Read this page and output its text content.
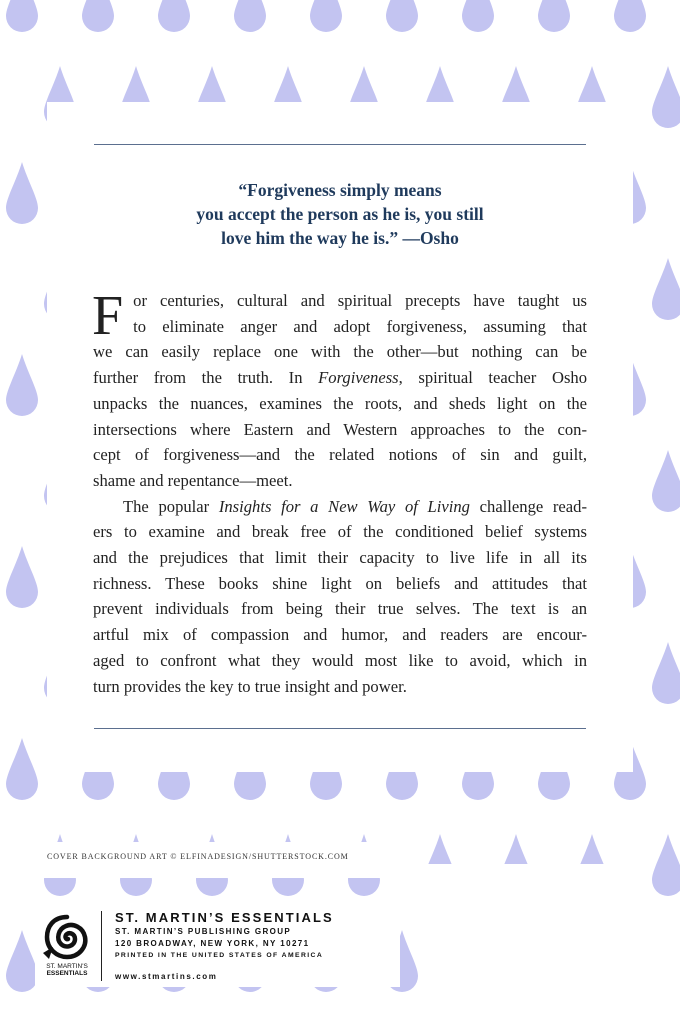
“Forgiveness simply means
you accept the person as he is, you still
love him the way he is.” —Osho
F or centuries, cultural and spiritual precepts have taught us
to eliminate anger and adopt forgiveness, assuming that
we can easily replace one with the other—but nothing can be
further from the truth. In Forgiveness, spiritual teacher Osho
unpacks the nuances, examines the roots, and sheds light on the
intersections where Eastern and Western approaches to the con-
cept of forgiveness—and the related notions of sin and guilt,
shame and repentance—meet.
The popular Insights for a New Way of Living challenge read-
ers to examine and break free of the conditioned belief systems
and the prejudices that limit their capacity to live life in all its
richness. These books shine light on beliefs and attitudes that
prevent individuals from being their true selves. The text is an
artful mix of compassion and humor, and readers are encour-
aged to confront what they would most like to avoid, which in
turn provides the key to true insight and power.
COVER BACKGROUND ART © ELFINADESIGN/SHUTTERSTOCK.COM
ST. MARTIN'S
ESSENTIALS
ST. MARTIN’S ESSENTIALS
ST. MARTIN’S PUBLISHING GROUP
120 BROADWAY, NEW YORK, NY 10271
PRINTED IN THE UNITED STATES OF AMERICA
www.stmartins.com
